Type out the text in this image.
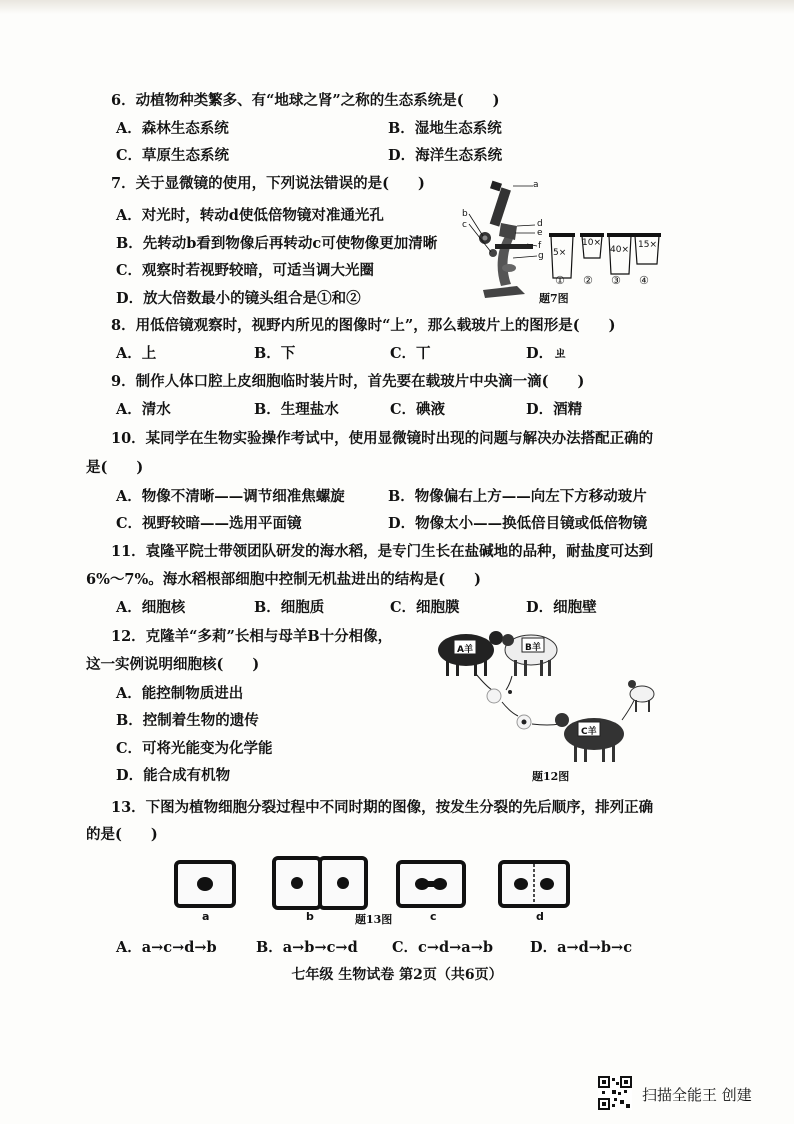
6．动植物种类繁多、有“地球之肾”之称的生态系统是(　　)
A．森林生态系统	B．湿地生态系统
C．草原生态系统	D．海洋生态系统
7．关于显微镜的使用，下列说法错误的是(　　)
A．对光时，转动d使低倍物镜对准通光孔
B．先转动b看到物像后再转动c可使物像更加清晰
C．观察时若视野较暗，可适当调大光圈
D．放大倍数最小的镜头组合是①和②
a
b
c	d
e
f
g 5×
10×
40× 15×
① ② ③ ④
题7图
8．用低倍镜观察时，视野内所见的图像时“上”，那么载玻片上的图形是(　　)
A．上	B．下	C．丅	D．ㄓ
9．制作人体口腔上皮细胞临时装片时，首先要在载玻片中央滴一滴(　　)
A．清水	B．生理盐水	C．碘液	D．酒精
10．某同学在生物实验操作考试中，使用显微镜时出现的问题与解决办法搭配正确的
是(　　)
A．物像不清晰——调节细准焦螺旋	B．物像偏右上方——向左下方移动玻片
C．视野较暗——选用平面镜	D．物像太小——换低倍目镜或低倍物镜
11．袁隆平院士带领团队研发的海水稻，是专门生长在盐碱地的品种，耐盐度可达到
6%～7%。海水稻根部细胞中控制无机盐进出的结构是(　　)
A．细胞核	B．细胞质	C．细胞膜	D．细胞壁
12．克隆羊“多莉”长相与母羊B十分相像，
这一实例说明细胞核(　　)
A．能控制物质进出
B．控制着生物的遗传
C．可将光能变为化学能
D．能合成有机物
A羊	B羊
C羊
题12图
13．下图为植物细胞分裂过程中不同时期的图像，按发生分裂的先后顺序，排列正确
的是(　　)
a	b	c	d
题13图
A．a→c→d→b	B．a→b→c→d C．c→d→a→b	D．a→d→b→c
七年级 生物试卷 第2页（共6页）
扫描全能王 创建
